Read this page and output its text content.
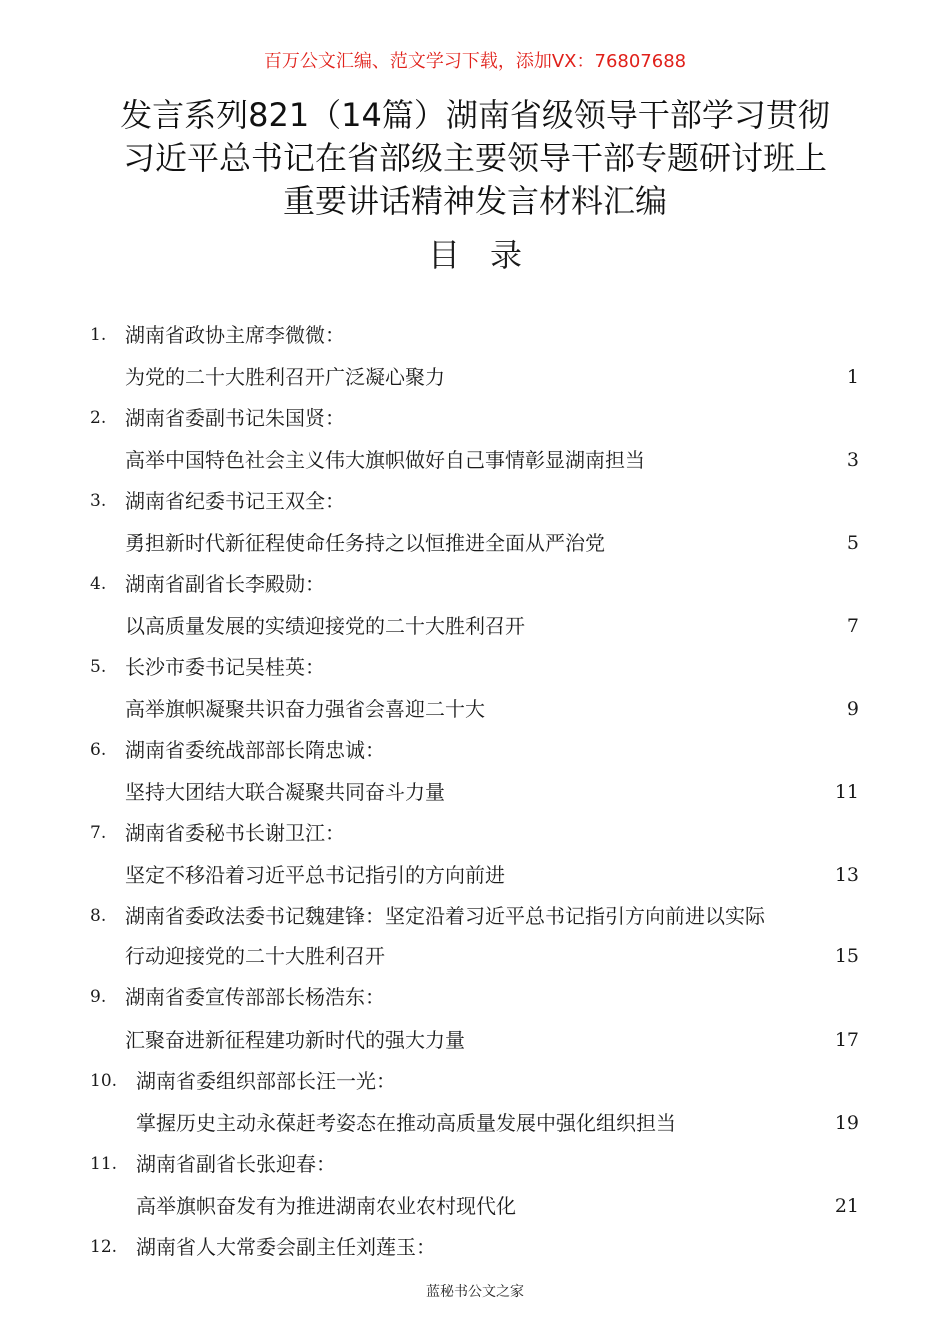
百万公文汇编、范文学习下载，添加VX：76807688
发言系列821（14篇）湖南省级领导干部学习贯彻
习近平总书记在省部级主要领导干部专题研讨班上
重要讲话精神发言材料汇编
目录
1. 湖南省政协主席李微微：
为党的二十大胜利召开广泛凝心聚力	1
2. 湖南省委副书记朱国贤：
高举中国特色社会主义伟大旗帜做好自己事情彰显湖南担当	3
3. 湖南省纪委书记王双全：
勇担新时代新征程使命任务持之以恒推进全面从严治党	5
4. 湖南省副省长李殿勋：
以高质量发展的实绩迎接党的二十大胜利召开	7
5. 长沙市委书记吴桂英：
高举旗帜凝聚共识奋力强省会喜迎二十大	9
6. 湖南省委统战部部长隋忠诚：
坚持大团结大联合凝聚共同奋斗力量	11
7. 湖南省委秘书长谢卫江：
坚定不移沿着习近平总书记指引的方向前进	13
8. 湖南省委政法委书记魏建锋：坚定沿着习近平总书记指引方向前进以实际
行动迎接党的二十大胜利召开	15
9. 湖南省委宣传部部长杨浩东：
汇聚奋进新征程建功新时代的强大力量	17
10. 湖南省委组织部部长汪一光：
掌握历史主动永葆赶考姿态在推动高质量发展中强化组织担当	19
11. 湖南省副省长张迎春：
高举旗帜奋发有为推进湖南农业农村现代化	21
12. 湖南省人大常委会副主任刘莲玉：
蓝秘书公文之家
